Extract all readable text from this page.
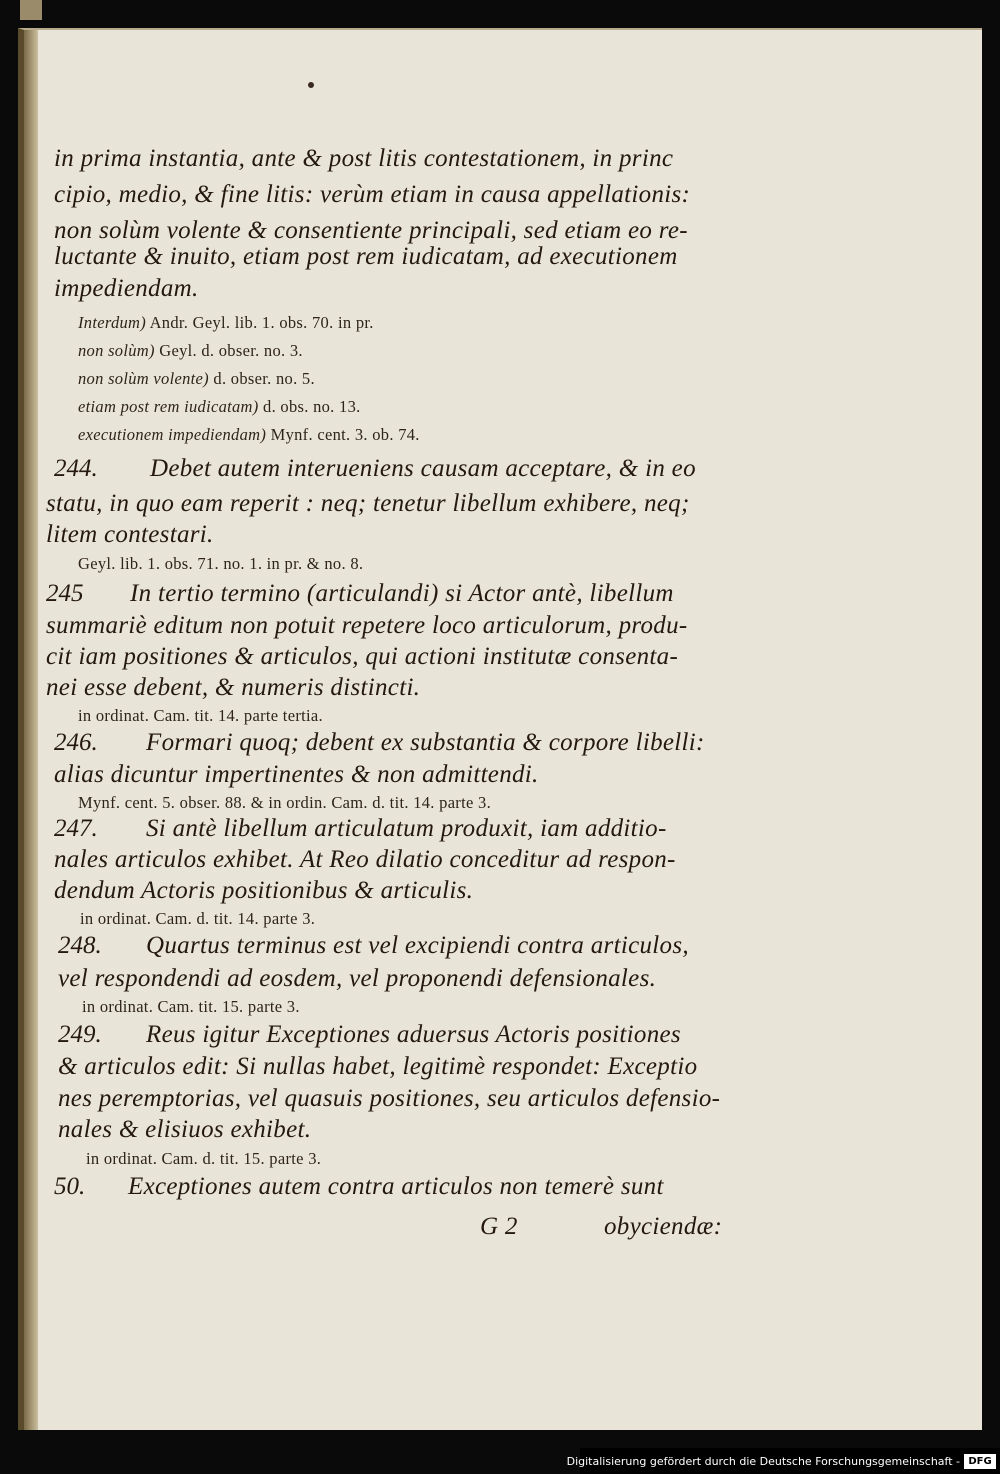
in prima instantia, ante & post litis contestationem, in princ
cipio, medio, & fine litis: verùm etiam in causa appellationis:
non solùm volente & consentiente principali, sed etiam eo re-
luctante & inuito, etiam post rem iudicatam, ad executionem
impediendam.
Interdum) Andr. Geyl. lib. 1. obs. 70. in pr.
non solùm) Geyl. d. obser. no. 3.
non solùm volente) d. obser. no. 5.
etiam post rem iudicatam) d. obs. no. 13.
executionem impediendam) Mynf. cent. 3. ob. 74.
244. Debet autem interueniens causam acceptare, & in eo
statu, in quo eam reperit : neq; tenetur libellum exhibere, neq;
litem contestari.
Geyl. lib. 1. obs. 71. no. 1. in pr. & no. 8.
245 In tertio termino (articulandi) si Actor antè, libellum
summariè editum non potuit repetere loco articulorum, produ-
cit iam positiones & articulos, qui actioni institutæ consenta-
nei esse debent, & numeris distincti.
in ordinat. Cam. tit. 14. parte tertia.
246. Formari quoq; debent ex substantia & corpore libelli:
alias dicuntur impertinentes & non admittendi.
Mynf. cent. 5. obser. 88. & in ordin. Cam. d. tit. 14. parte 3.
247. Si antè libellum articulatum produxit, iam additio-
nales articulos exhibet. At Reo dilatio conceditur ad respon-
dendum Actoris positionibus & articulis.
in ordinat. Cam. d. tit. 14. parte 3.
248. Quartus terminus est vel excipiendi contra articulos,
vel respondendi ad eosdem, vel proponendi defensionales.
in ordinat. Cam. tit. 15. parte 3.
249. Reus igitur Exceptiones aduersus Actoris positiones
& articulos edit: Si nullas habet, legitimè respondet: Exceptio
nes peremptorias, vel quasuis positiones, seu articulos defensio-
nales & elisiuos exhibet.
in ordinat. Cam. d. tit. 15. parte 3.
50. Exceptiones autem contra articulos non temerè sunt
G 2	obyciendæ:
Digitalisierung gefördert durch die Deutsche Forschungsgemeinschaft - DFG
